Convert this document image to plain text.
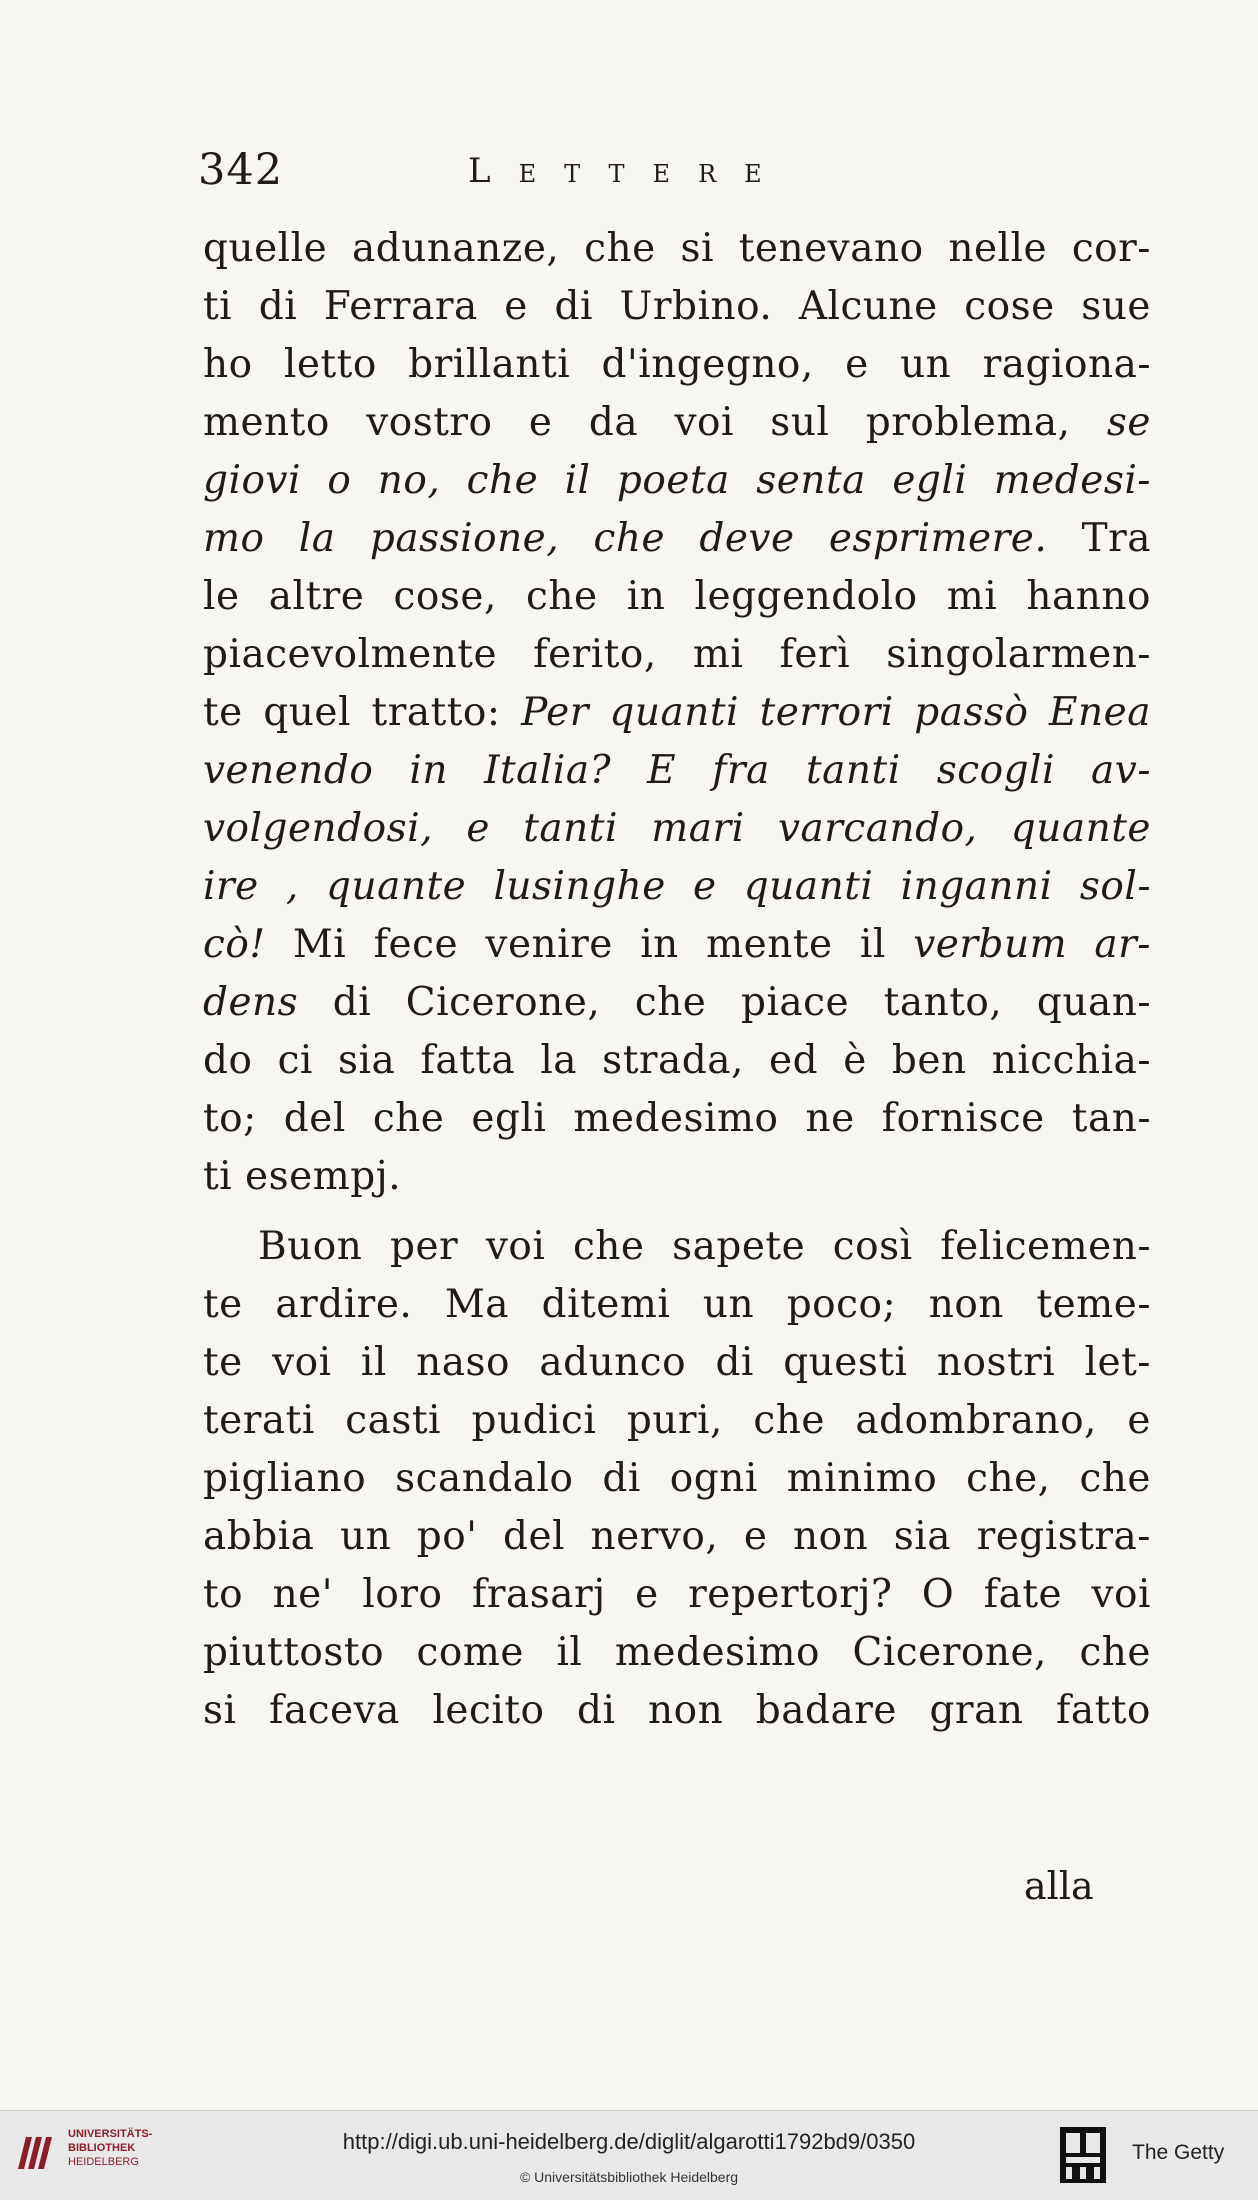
342	Lettere
quelle adunanze, che si tenevano nelle cor-
ti di Ferrara e di Urbino. Alcune cose sue
ho letto brillanti d'ingegno, e un ragiona-
mento vostro e da voi sul problema, se
giovi o no, che il poeta senta egli medesi-
mo la passione, che deve esprimere. Tra
le altre cose, che in leggendolo mi hanno
piacevolmente ferito, mi ferì singolarmen-
te quel tratto: Per quanti terrori passò Enea
venendo in Italia? E fra tanti scogli av-
volgendosi, e tanti mari varcando, quante
ire , quante lusinghe e quanti inganni sol-
cò! Mi fece venire in mente il verbum ar-
dens di Cicerone, che piace tanto, quan-
do ci sia fatta la strada, ed è ben nicchia-
to; del che egli medesimo ne fornisce tan-
ti esempj.
Buon per voi che sapete così felicemen-
te ardire. Ma ditemi un poco; non teme-
te voi il naso adunco di questi nostri let-
terati casti pudici puri, che adombrano, e
pigliano scandalo di ogni minimo che, che
abbia un po' del nervo, e non sia registra-
to ne' loro frasarj e repertorj? O fate voi
piuttosto come il medesimo Cicerone, che
si faceva lecito di non badare gran fatto
alla
UNIVERSITÄTS-
BIBLIOTHEK
HEIDELBERG
http://digi.ub.uni-heidelberg.de/diglit/algarotti1792bd9/0350
© Universitätsbibliothek Heidelberg
The Getty
